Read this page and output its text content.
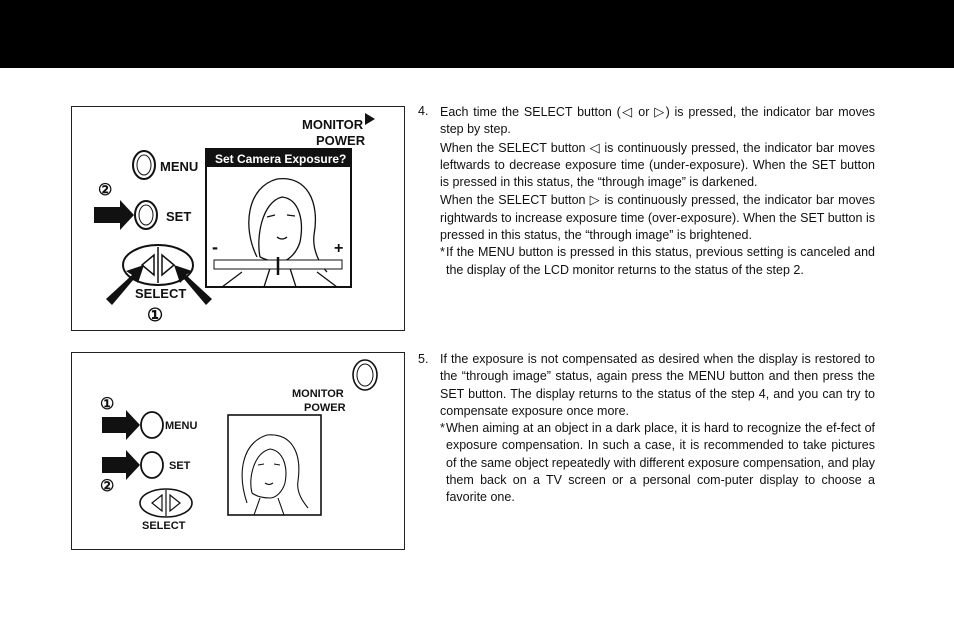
MONITOR
POWER
MENU
②
SET
Set Camera Exposure?
-	+
SELECT
①
MONITOR
POWER
①
MENU
SET
②
SELECT
4. Each time the SELECT button (◁ or ▷) is pressed, the indicator bar moves step by step.

When the SELECT button ◁ is continuously pressed, the indicator bar moves leftwards to decrease exposure time (under-exposure). When the SET button is pressed in this status, the “through image” is darkened.

When the SELECT button ▷ is continuously pressed, the indicator bar moves rightwards to increase exposure time (over-exposure). When the SET button is pressed in this status, the “through image” is brightened.

* If the MENU button is pressed in this status, previous setting is canceled and the display of the LCD monitor returns to the status of the step 2.
5. If the exposure is not compensated as desired when the display is restored to the “through image” status, again press the MENU button and then press the SET button. The display returns to the status of the step 4, and you can try to compensate exposure once more.

* When aiming at an object in a dark place, it is hard to recognize the ef-fect of exposure compensation. In such a case, it is recommended to take pictures of the same object repeatedly with different exposure compensation, and play them back on a TV screen or a personal com-puter display to choose a favorite one.
